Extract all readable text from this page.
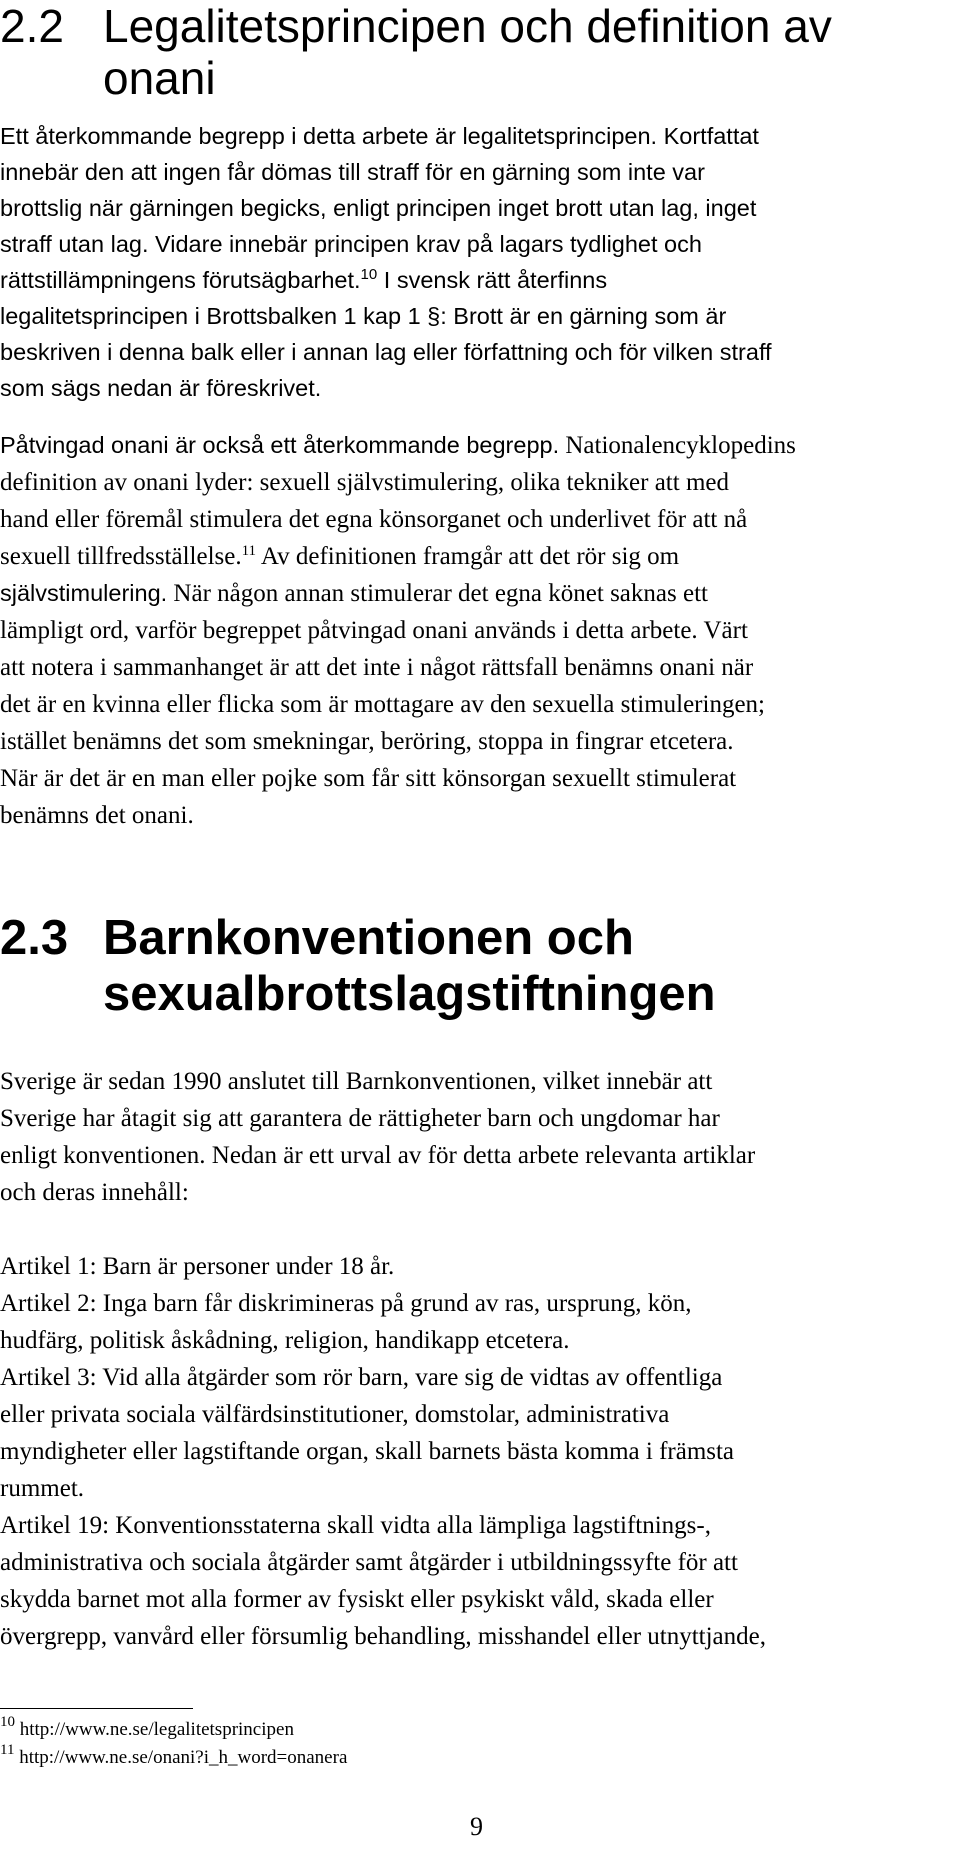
2.2 Legalitetsprincipen och definition av
onani
Ett återkommande begrepp i detta arbete är legalitetsprincipen. Kortfattat
innebär den att ingen får dömas till straff för en gärning som inte var
brottslig när gärningen begicks, enligt principen inget brott utan lag, inget
straff utan lag. Vidare innebär principen krav på lagars tydlighet och
rättstillämpningens förutsägbarhet.$^{10}$ I svensk rätt återfinns
legalitetsprincipen i Brottsbalken 1 kap 1 §: Brott är en gärning som är
beskriven i denna balk eller i annan lag eller författning och för vilken straff
som sägs nedan är föreskrivet.
Påtvingad onani är också ett återkommande begrepp. Nationalencyklopedins
definition av onani lyder: sexuell självstimulering, olika tekniker att med
hand eller föremål stimulera det egna könsorganet och underlivet för att nå
sexuell tillfredsställelse.$^{11}$ Av definitionen framgår att det rör sig om
självstimulering. När någon annan stimulerar det egna könet saknas ett
lämpligt ord, varför begreppet påtvingad onani används i detta arbete. Värt
att notera i sammanhanget är att det inte i något rättsfall benämns onani när
det är en kvinna eller flicka som är mottagare av den sexuella stimuleringen;
istället benämns det som smekningar, beröring, stoppa in fingrar etcetera.
När är det är en man eller pojke som får sitt könsorgan sexuellt stimulerat
benämns det onani.
2.3 Barnkonventionen och
sexualbrottslagstiftningen
Sverige är sedan 1990 anslutet till Barnkonventionen, vilket innebär att
Sverige har åtagit sig att garantera de rättigheter barn och ungdomar har
enligt konventionen. Nedan är ett urval av för detta arbete relevanta artiklar
och deras innehåll:
Artikel 1: Barn är personer under 18 år.
Artikel 2: Inga barn får diskrimineras på grund av ras, ursprung, kön,
hudfärg, politisk åskådning, religion, handikapp etcetera.
Artikel 3: Vid alla åtgärder som rör barn, vare sig de vidtas av offentliga
eller privata sociala välfärdsinstitutioner, domstolar, administrativa
myndigheter eller lagstiftande organ, skall barnets bästa komma i främsta
rummet.
Artikel 19: Konventionsstaterna skall vidta alla lämpliga lagstiftnings-,
administrativa och sociala åtgärder samt åtgärder i utbildningssyfte för att
skydda barnet mot alla former av fysiskt eller psykiskt våld, skada eller
övergrepp, vanvård eller försumlig behandling, misshandel eller utnyttjande,
$^{10}$ http://www.ne.se/legalitetsprincipen
$^{11}$ http://www.ne.se/onani?i_h_word=onanera
9
